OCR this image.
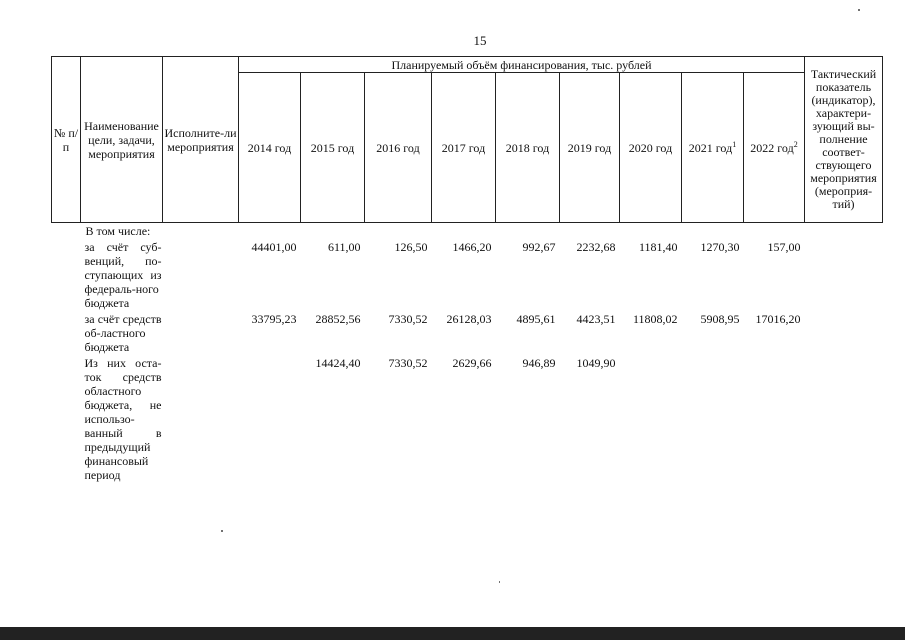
15
№ п/п	Наименование цели, задачи, мероприятия	Исполните-ли мероприятия	Планируемый объём финансирования, тыс. рублей									Тактический показатель (индикатор), характери-зующий вы-полнение соответ-ствующего мероприятия (мероприя-тий)
			2014 год	2015 год	2016 год	2017 год	2018 год	2019 год	2020 год	2021 год$^1$	2022 год$^2$
	В том числе:											
	за счёт суб-венций, по-ступающих из федераль-ного бюджета		44401,00	611,00	126,50	1466,20	992,67	2232,68	1181,40	1270,30	157,00	
	за счёт средств об-ластного бюджета		33795,23	28852,56	7330,52	26128,03	4895,61	4423,51	11808,02	5908,95	17016,20	
	Из них оста-ток средств областного бюджета, не использо-ванный в предыдущий финансовый период			14424,40	7330,52	2629,66	946,89	1049,90				
